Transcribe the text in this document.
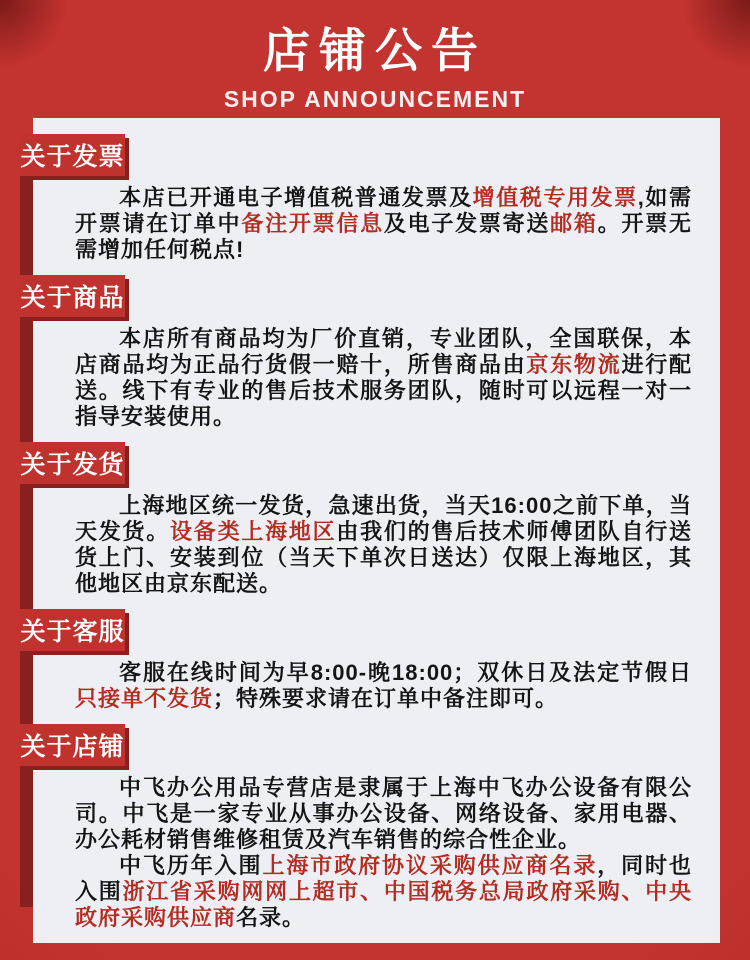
店铺公告
SHOP ANNOUNCEMENT
关于发票

本店已开通电子增值税普通发票及增值税专用发票,如需开票请在订单中备注开票信息及电子发票寄送邮箱。开票无需增加任何税点!

关于商品

本店所有商品均为厂价直销，专业团队，全国联保，本店商品均为正品行货假一赔十，所售商品由京东物流进行配送。线下有专业的售后技术服务团队，随时可以远程一对一指导安装使用。

关于发货

上海地区统一发货，急速出货，当天16:00之前下单，当天发货。设备类上海地区由我们的售后技术师傅团队自行送货上门、安装到位（当天下单次日送达）仅限上海地区，其他地区由京东配送。

关于客服

客服在线时间为早8:00-晚18:00；双休日及法定节假日只接单不发货；特殊要求请在订单中备注即可。

关于店铺

中飞办公用品专营店是隶属于上海中飞办公设备有限公司。中飞是一家专业从事办公设备、网络设备、家用电器、办公耗材销售维修租赁及汽车销售的综合性企业。

中飞历年入围上海市政府协议采购供应商名录，同时也入围浙江省采购网网上超市、中国税务总局政府采购、中央政府采购供应商名录。
